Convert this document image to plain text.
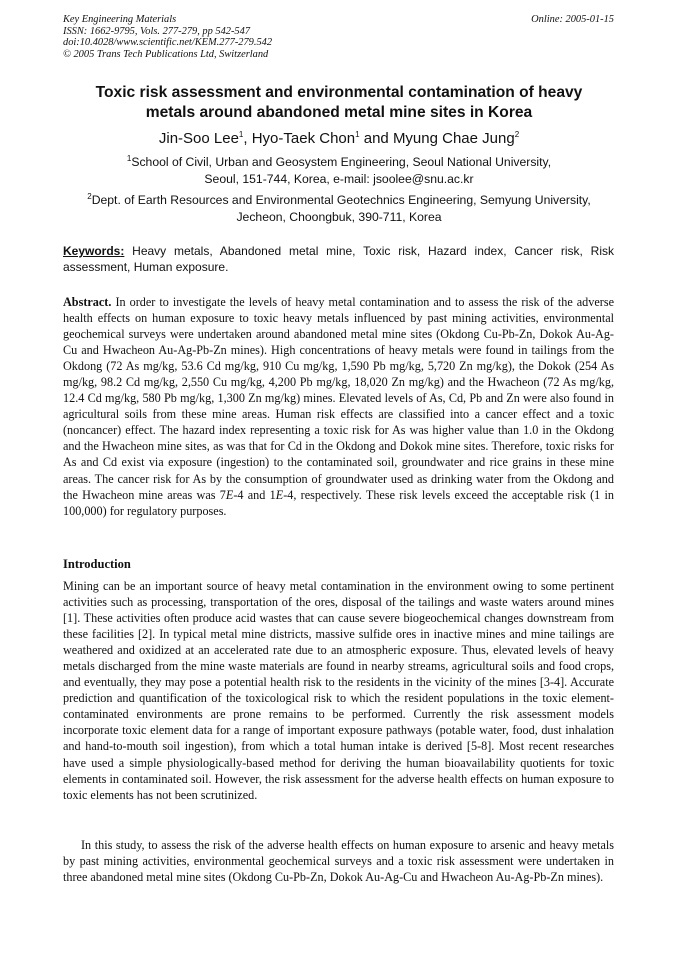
Key Engineering Materials
ISSN: 1662-9795, Vols. 277-279, pp 542-547
doi:10.4028/www.scientific.net/KEM.277-279.542
© 2005 Trans Tech Publications Ltd, Switzerland
Online: 2005-01-15
Toxic risk assessment and environmental contamination of heavy metals around abandoned metal mine sites in Korea
Jin-Soo Lee$^1$, Hyo-Taek Chon$^1$ and Myung Chae Jung$^2$
$^1$School of Civil, Urban and Geosystem Engineering, Seoul National University,
Seoul, 151-744, Korea, e-mail: jsoolee@snu.ac.kr
$^2$Dept. of Earth Resources and Environmental Geotechnics Engineering, Semyung University,
Jecheon, Choongbuk, 390-711, Korea
Keywords: Heavy metals, Abandoned metal mine, Toxic risk, Hazard index, Cancer risk, Risk assessment, Human exposure.
Abstract. In order to investigate the levels of heavy metal contamination and to assess the risk of the adverse health effects on human exposure to toxic heavy metals influenced by past mining activities, environmental geochemical surveys were undertaken around abandoned metal mine sites (Okdong Cu-Pb-Zn, Dokok Au-Ag-Cu and Hwacheon Au-Ag-Pb-Zn mines). High concentrations of heavy metals were found in tailings from the Okdong (72 As mg/kg, 53.6 Cd mg/kg, 910 Cu mg/kg, 1,590 Pb mg/kg, 5,720 Zn mg/kg), the Dokok (254 As mg/kg, 98.2 Cd mg/kg, 2,550 Cu mg/kg, 4,200 Pb mg/kg, 18,020 Zn mg/kg) and the Hwacheon (72 As mg/kg, 12.4 Cd mg/kg, 580 Pb mg/kg, 1,300 Zn mg/kg) mines. Elevated levels of As, Cd, Pb and Zn were also found in agricultural soils from these mine areas. Human risk effects are classified into a cancer effect and a toxic (noncancer) effect. The hazard index representing a toxic risk for As was higher value than 1.0 in the Okdong and the Hwacheon mine sites, as was that for Cd in the Okdong and Dokok mine sites. Therefore, toxic risks for As and Cd exist via exposure (ingestion) to the contaminated soil, groundwater and rice grains in these mine areas. The cancer risk for As by the consumption of groundwater used as drinking water from the Okdong and the Hwacheon mine areas was 7E-4 and 1E-4, respectively. These risk levels exceed the acceptable risk (1 in 100,000) for regulatory purposes.
Introduction
Mining can be an important source of heavy metal contamination in the environment owing to some pertinent activities such as processing, transportation of the ores, disposal of the tailings and waste waters around mines [1]. These activities often produce acid wastes that can cause severe biogeochemical changes downstream from these facilities [2]. In typical metal mine districts, massive sulfide ores in inactive mines and mine tailings are weathered and oxidized at an accelerated rate due to an atmospheric exposure. Thus, elevated levels of heavy metals discharged from the mine waste materials are found in nearby streams, agricultural soils and food crops, and eventually, they may pose a potential health risk to the residents in the vicinity of the mines [3-4]. Accurate prediction and quantification of the toxicological risk to which the resident populations in the toxic element-contaminated environments are prone remains to be performed. Currently the risk assessment models incorporate toxic element data for a range of important exposure pathways (potable water, food, dust inhalation and hand-to-mouth soil ingestion), from which a total human intake is derived [5-8]. Most recent researches have used a simple physiologically-based method for deriving the human bioavailability quotients for toxic elements in contaminated soil. However, the risk assessment for the adverse health effects on human exposure to toxic elements has not been scrutinized.
In this study, to assess the risk of the adverse health effects on human exposure to arsenic and heavy metals by past mining activities, environmental geochemical surveys and a toxic risk assessment were undertaken in three abandoned metal mine sites (Okdong Cu-Pb-Zn, Dokok Au-Ag-Cu and Hwacheon Au-Ag-Pb-Zn mines).
